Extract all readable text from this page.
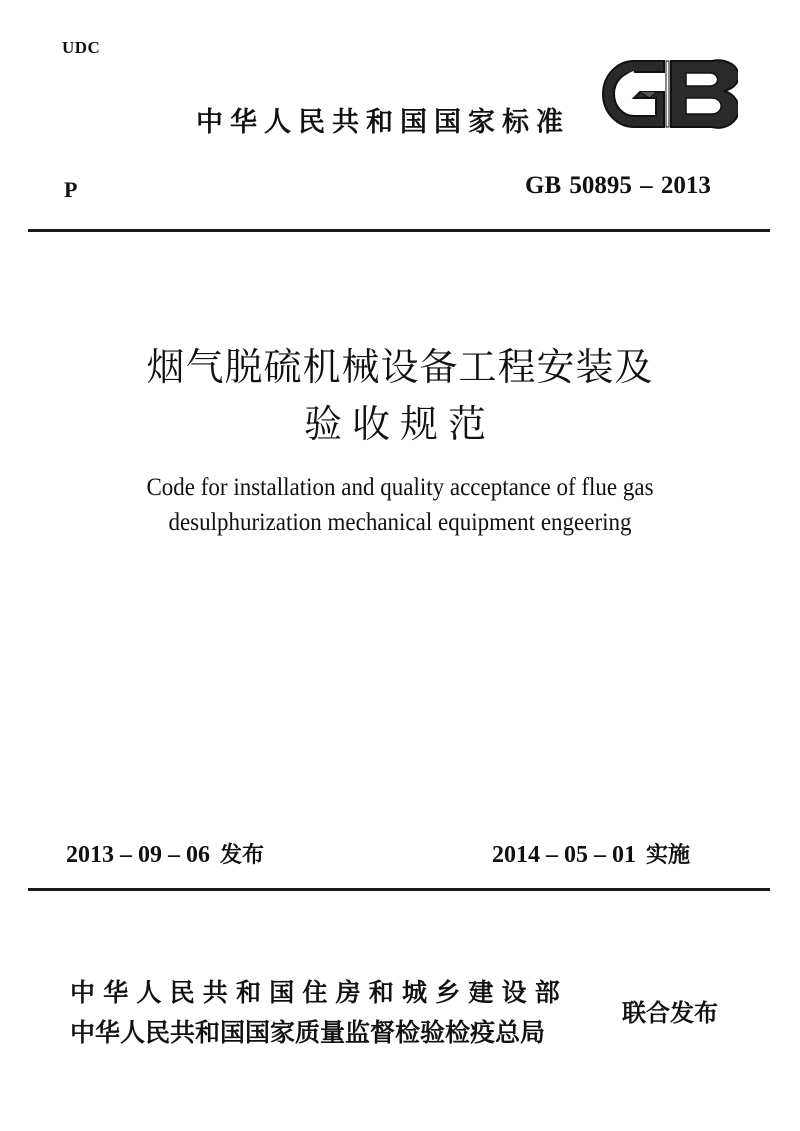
UDC
中华人民共和国国家标准
P	GB 50895 – 2013
烟气脱硫机械设备工程安装及
验收规范
Code for installation and quality acceptance of flue gas
desulphurization mechanical equipment engeering
2013 – 09 – 06 发布	2014 – 05 – 01 实施
中华人民共和国住房和城乡建设部
中华人民共和国国家质量监督检验检疫总局
联合发布
